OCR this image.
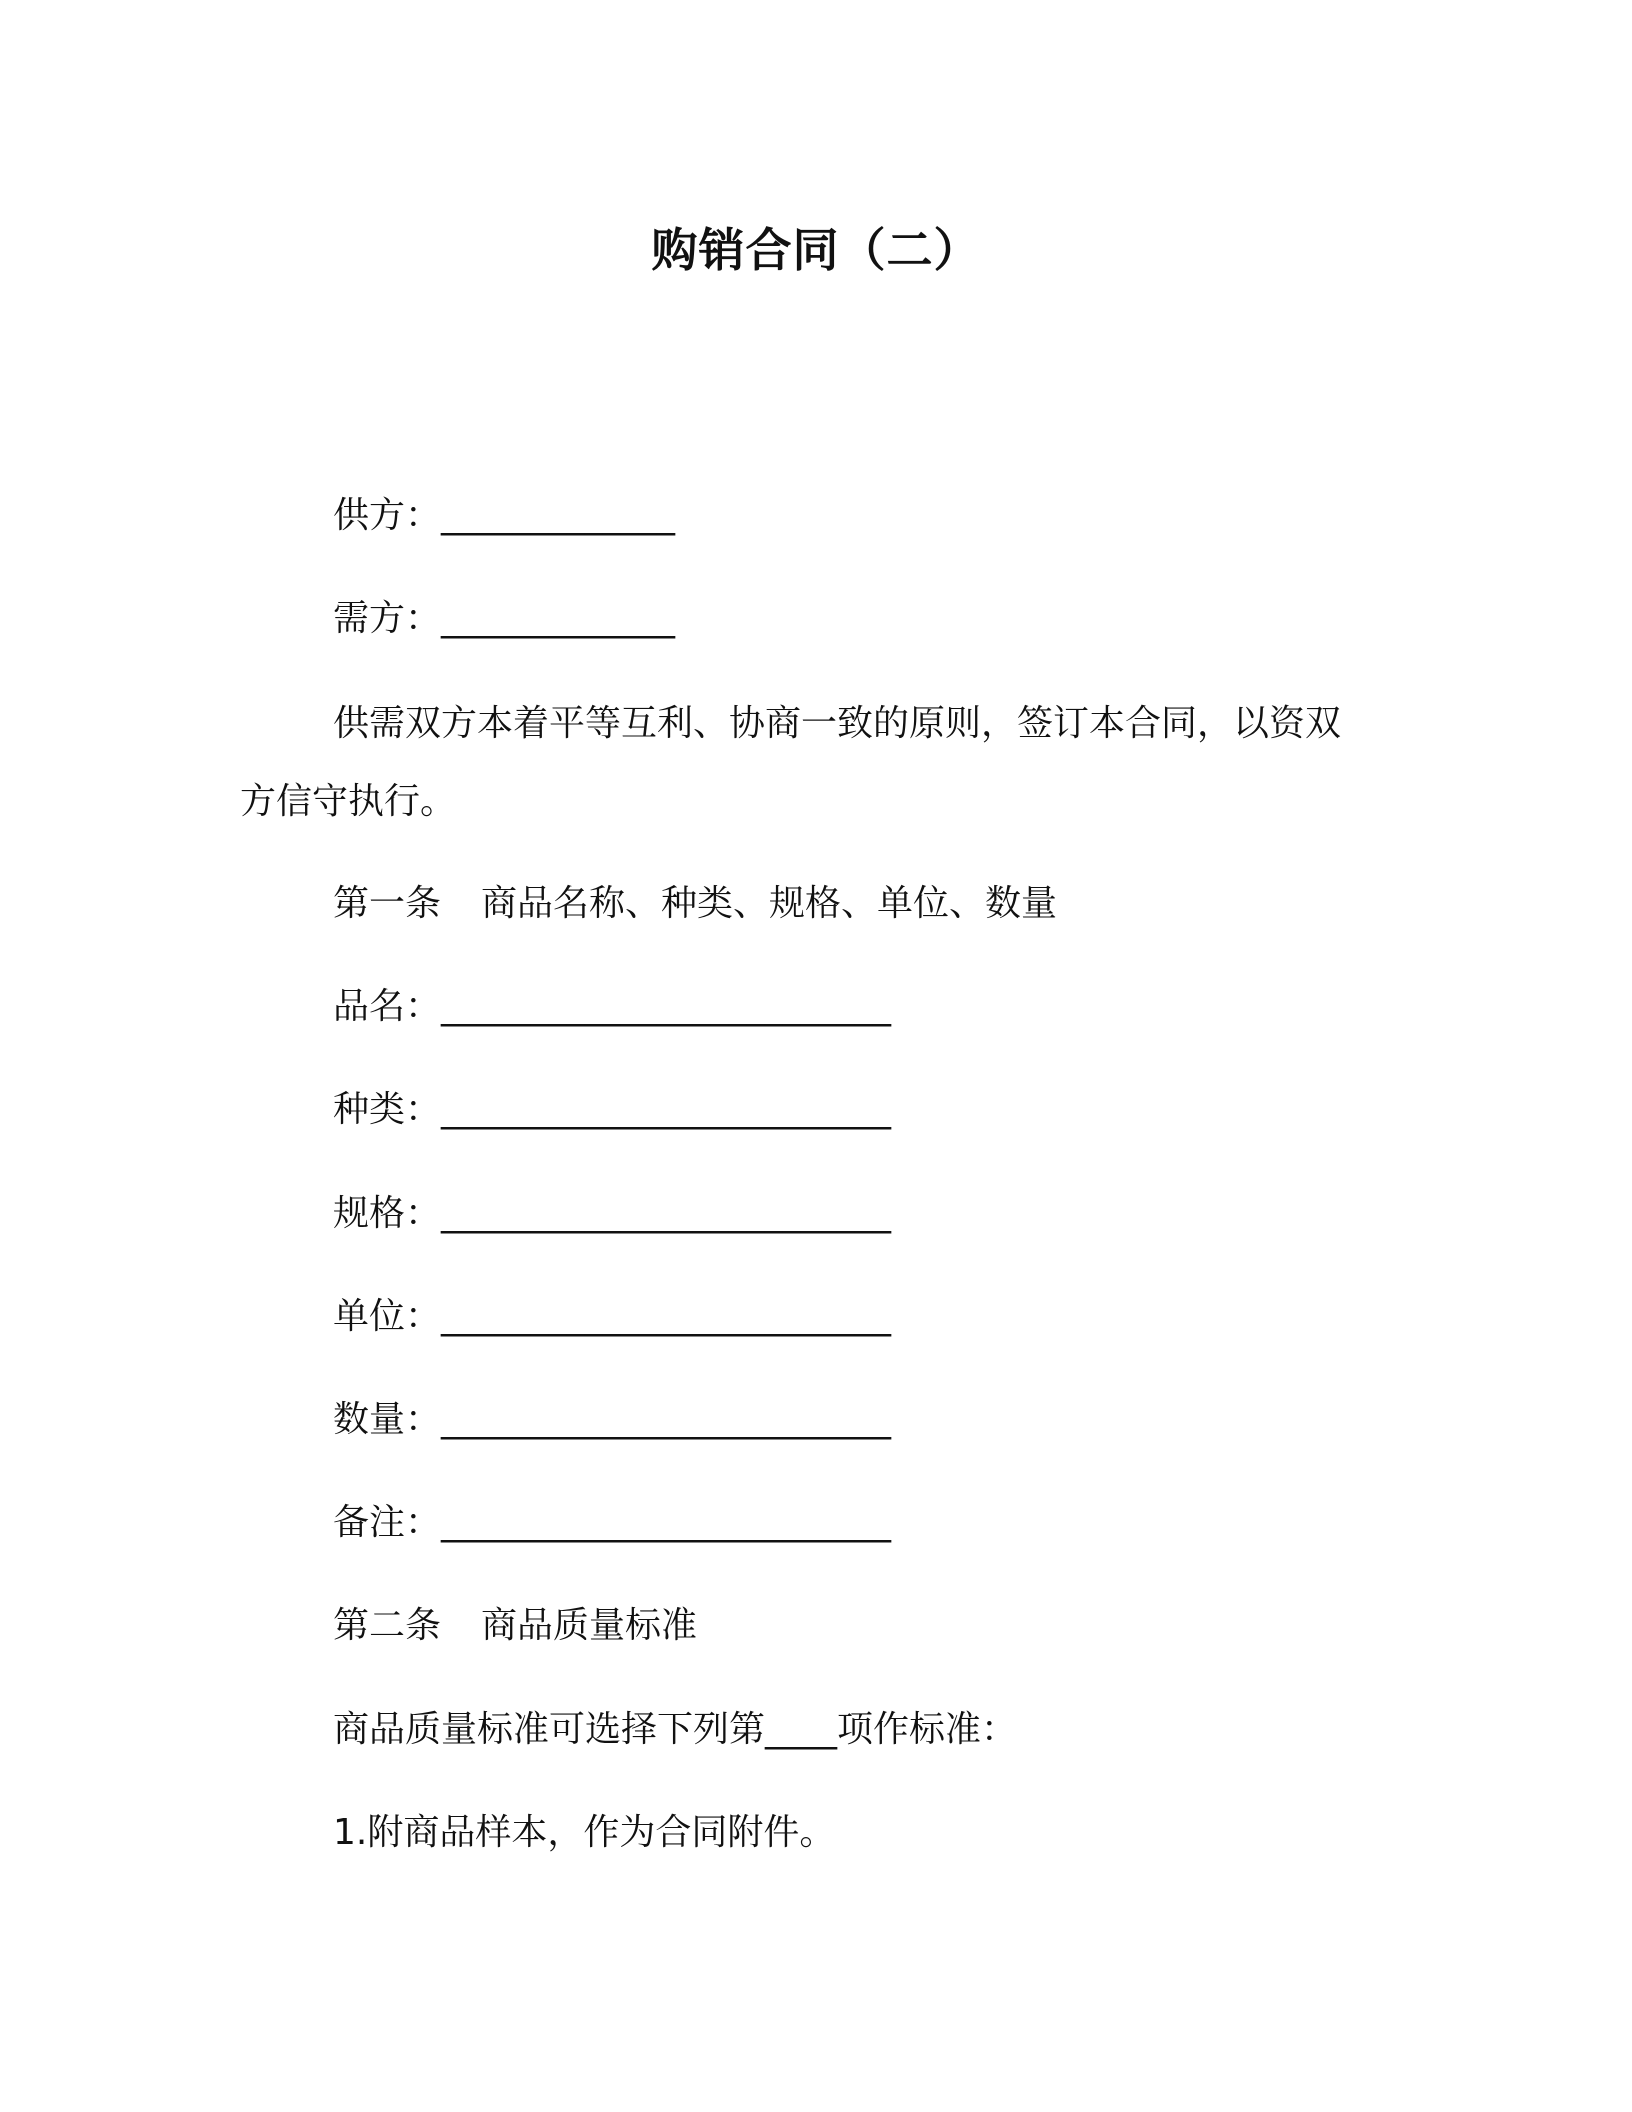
购销合同（二）
供方：_____________
需方：_____________
供需双方本着平等互利、协商一致的原则，签订本合同，以资双
方信守执行。
第一条 商品名称、种类、规格、单位、数量
品名：_________________________
种类：_________________________
规格：_________________________
单位：_________________________
数量：_________________________
备注：_________________________
第二条 商品质量标准
商品质量标准可选择下列第____项作标准：
1.附商品样本，作为合同附件。
